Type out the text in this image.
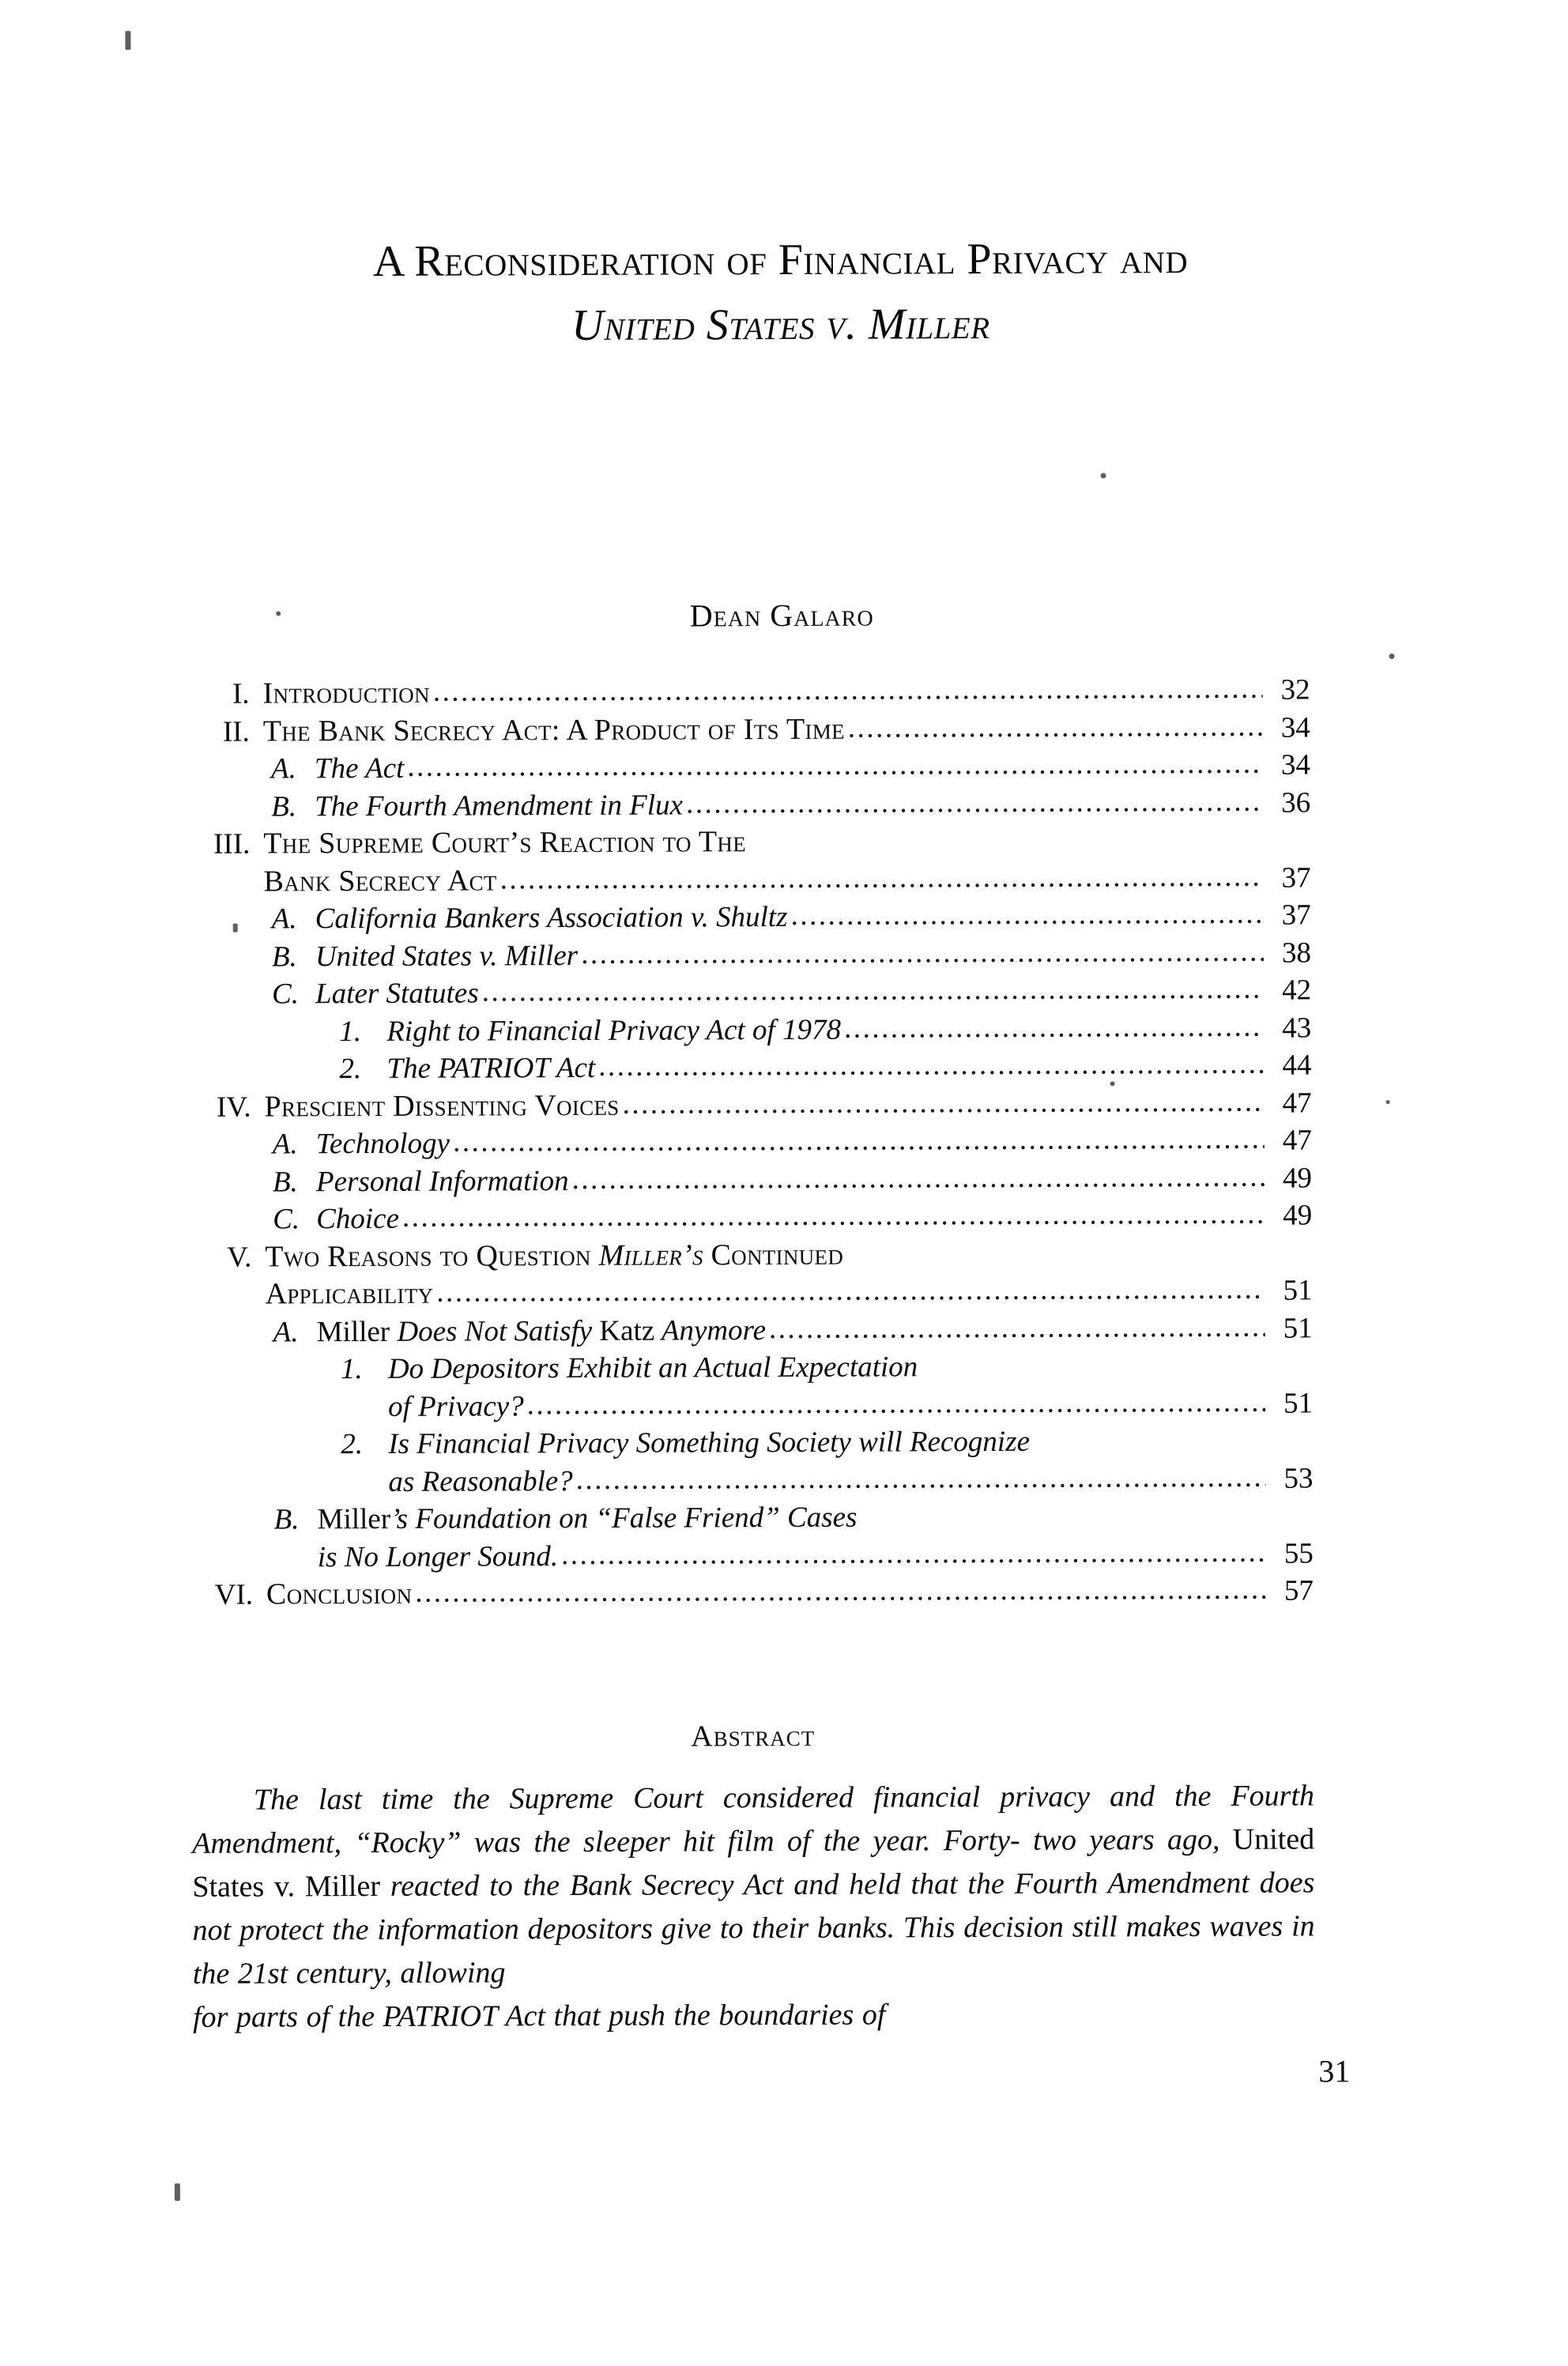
A Reconsideration of Financial Privacy and
United States v. Miller
Dean Galaro
I. Introduction .....	32
II. The Bank Secrecy Act: A Product of Its Time .....	34
A. The Act .....	34
B. The Fourth Amendment in Flux .....	36
III. The Supreme Court’s Reaction to The
Bank Secrecy Act .....	37
A. California Bankers Association v. Shultz .....	37
B. United States v. Miller .....	38
C. Later Statutes .....	42
1. Right to Financial Privacy Act of 1978 .....	43
2. The PATRIOT Act .....	44
IV. Prescient Dissenting Voices .....	47
A. Technology .....	47
B. Personal Information .....	49
C. Choice .....	49
V. Two Reasons to Question Miller’s Continued
Applicability .....	51
A. Miller Does Not Satisfy Katz Anymore .....	51
1. Do Depositors Exhibit an Actual Expectation
of Privacy? .....	51
2. Is Financial Privacy Something Society will Recognize
as Reasonable? .....	53
B. Miller’s Foundation on “False Friend” Cases
is No Longer Sound. .....	55
VI. Conclusion .....	57
Abstract
The last time the Supreme Court considered financial privacy and the Fourth Amendment, “Rocky” was the sleeper hit film of the year. Forty- two years ago, United States v. Miller reacted to the Bank Secrecy Act and held that the Fourth Amendment does not protect the information depositors give to their banks. This decision still makes waves in the 21st century, allowing
for parts of the PATRIOT Act that push the boundaries of
31
